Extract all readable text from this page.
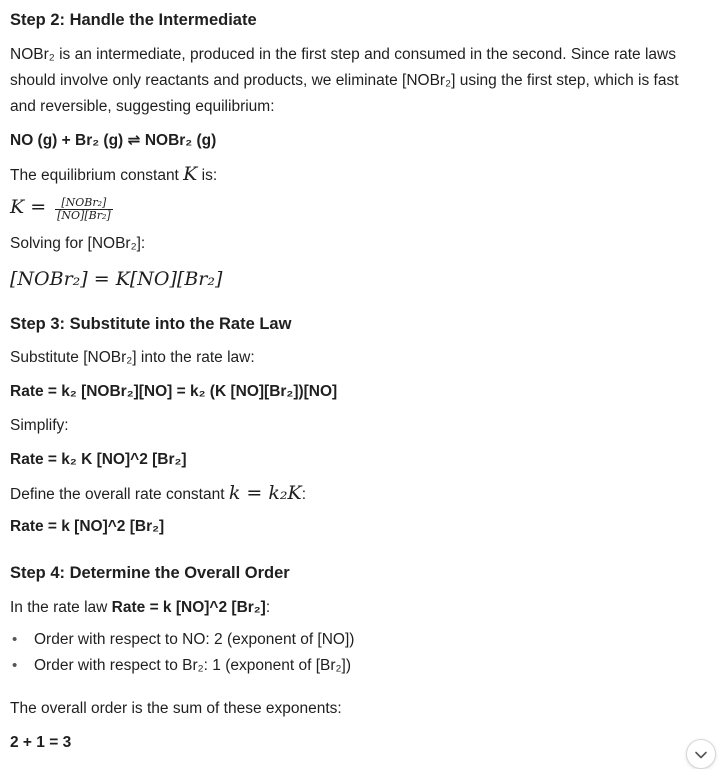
Step 2: Handle the Intermediate
NOBr₂ is an intermediate, produced in the first step and consumed in the second. Since rate laws
should involve only reactants and products, we eliminate [NOBr₂] using the first step, which is fast
and reversible, suggesting equilibrium:
NO (g) + Br₂ (g) ⇌ NOBr₂ (g)
The equilibrium constant K is:
$K = \frac{\text{[NOBr₂]}}{\text{[NO][Br₂]}}$
Solving for [NOBr₂]:
[NOBr₂] = K[NO][Br₂]
Step 3: Substitute into the Rate Law
Substitute [NOBr₂] into the rate law:
Rate = k₂ [NOBr₂][NO] = k₂ (K [NO][Br₂])[NO]
Simplify:
Rate = k₂ K [NO]^2 [Br₂]
Define the overall rate constant k = k₂K:
Rate = k [NO]^2 [Br₂]
Step 4: Determine the Overall Order
In the rate law Rate = k [NO]^2 [Br₂]:
• Order with respect to NO: 2 (exponent of [NO])
• Order with respect to Br₂: 1 (exponent of [Br₂])
The overall order is the sum of these exponents:
2 + 1 = 3
